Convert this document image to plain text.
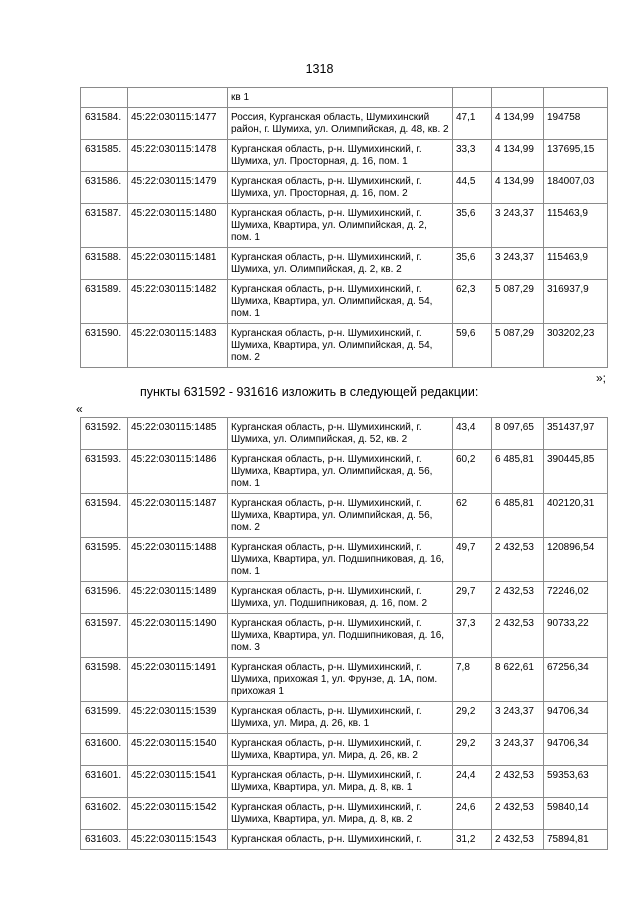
1318
		кв 1			
631584.	45:22:030115:1477	Россия, Курганская область, Шумихинский район, г. Шумиха, ул. Олимпийская, д. 48, кв. 2	47,1	4 134,99	194758
631585.	45:22:030115:1478	Курганская область, р-н. Шумихинский, г. Шумиха, ул. Просторная, д. 16, пом. 1	33,3	4 134,99	137695,15
631586.	45:22:030115:1479	Курганская область, р-н. Шумихинский, г. Шумиха, ул. Просторная, д. 16, пом. 2	44,5	4 134,99	184007,03
631587.	45:22:030115:1480	Курганская область, р-н. Шумихинский, г. Шумиха, Квартира, ул. Олимпийская, д. 2, пом. 1	35,6	3 243,37	115463,9
631588.	45:22:030115:1481	Курганская область, р-н. Шумихинский, г. Шумиха, ул. Олимпийская, д. 2, кв. 2	35,6	3 243,37	115463,9
631589.	45:22:030115:1482	Курганская область, р-н. Шумихинский, г. Шумиха, Квартира, ул. Олимпийская, д. 54, пом. 1	62,3	5 087,29	316937,9
631590.	45:22:030115:1483	Курганская область, р-н. Шумихинский, г. Шумиха, Квартира, ул. Олимпийская, д. 54, пом. 2	59,6	5 087,29	303202,23
»;
пункты 631592 - 931616 изложить в следующей редакции:
«
631592.	45:22:030115:1485	Курганская область, р-н. Шумихинский, г. Шумиха, ул. Олимпийская, д. 52, кв. 2	43,4	8 097,65	351437,97
631593.	45:22:030115:1486	Курганская область, р-н. Шумихинский, г. Шумиха, Квартира, ул. Олимпийская, д. 56, пом. 1	60,2	6 485,81	390445,85
631594.	45:22:030115:1487	Курганская область, р-н. Шумихинский, г. Шумиха, Квартира, ул. Олимпийская, д. 56, пом. 2	62	6 485,81	402120,31
631595.	45:22:030115:1488	Курганская область, р-н. Шумихинский, г. Шумиха, Квартира, ул. Подшипниковая, д. 16, пом. 1	49,7	2 432,53	120896,54
631596.	45:22:030115:1489	Курганская область, р-н. Шумихинский, г. Шумиха, ул. Подшипниковая, д. 16, пом. 2	29,7	2 432,53	72246,02
631597.	45:22:030115:1490	Курганская область, р-н. Шумихинский, г. Шумиха, Квартира, ул. Подшипниковая, д. 16, пом. 3	37,3	2 432,53	90733,22
631598.	45:22:030115:1491	Курганская область, р-н. Шумихинский, г. Шумиха, прихожая 1, ул. Фрунзе, д. 1А, пом. прихожая 1	7,8	8 622,61	67256,34
631599.	45:22:030115:1539	Курганская область, р-н. Шумихинский, г. Шумиха, ул. Мира, д. 26, кв. 1	29,2	3 243,37	94706,34
631600.	45:22:030115:1540	Курганская область, р-н. Шумихинский, г. Шумиха, Квартира, ул. Мира, д. 26, кв. 2	29,2	3 243,37	94706,34
631601.	45:22:030115:1541	Курганская область, р-н. Шумихинский, г. Шумиха, Квартира, ул. Мира, д. 8, кв. 1	24,4	2 432,53	59353,63
631602.	45:22:030115:1542	Курганская область, р-н. Шумихинский, г. Шумиха, Квартира, ул. Мира, д. 8, кв. 2	24,6	2 432,53	59840,14
631603.	45:22:030115:1543	Курганская область, р-н. Шумихинский, г.	31,2	2 432,53	75894,81
